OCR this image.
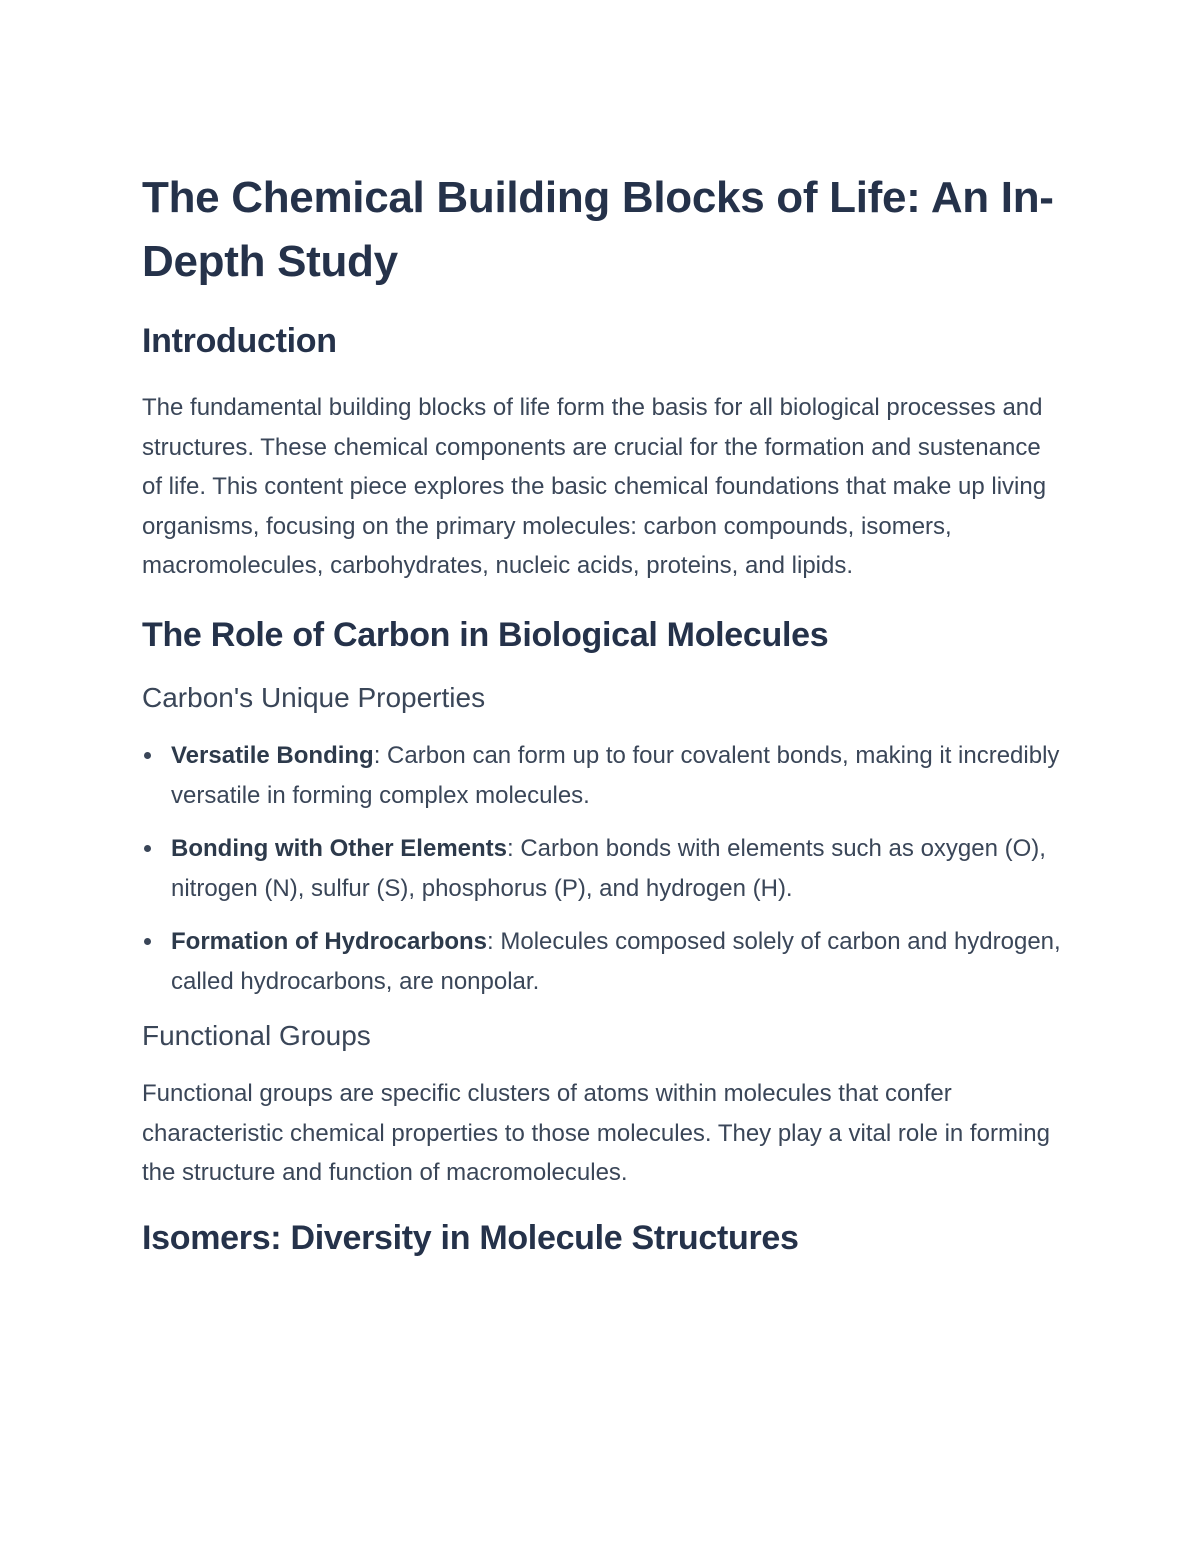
The Chemical Building Blocks of Life: An In-Depth Study
Introduction

The fundamental building blocks of life form the basis for all biological processes and structures. These chemical components are crucial for the formation and sustenance of life. This content piece explores the basic chemical foundations that make up living organisms, focusing on the primary molecules: carbon compounds, isomers, macromolecules, carbohydrates, nucleic acids, proteins, and lipids.

The Role of Carbon in Biological Molecules
Carbon's Unique Properties
Versatile Bonding: Carbon can form up to four covalent bonds, making it incredibly versatile in forming complex molecules.
Bonding with Other Elements: Carbon bonds with elements such as oxygen (O), nitrogen (N), sulfur (S), phosphorus (P), and hydrogen (H).
Formation of Hydrocarbons: Molecules composed solely of carbon and hydrogen, called hydrocarbons, are nonpolar.
Functional Groups

Functional groups are specific clusters of atoms within molecules that confer characteristic chemical properties to those molecules. They play a vital role in forming the structure and function of macromolecules.

Isomers: Diversity in Molecule Structures
